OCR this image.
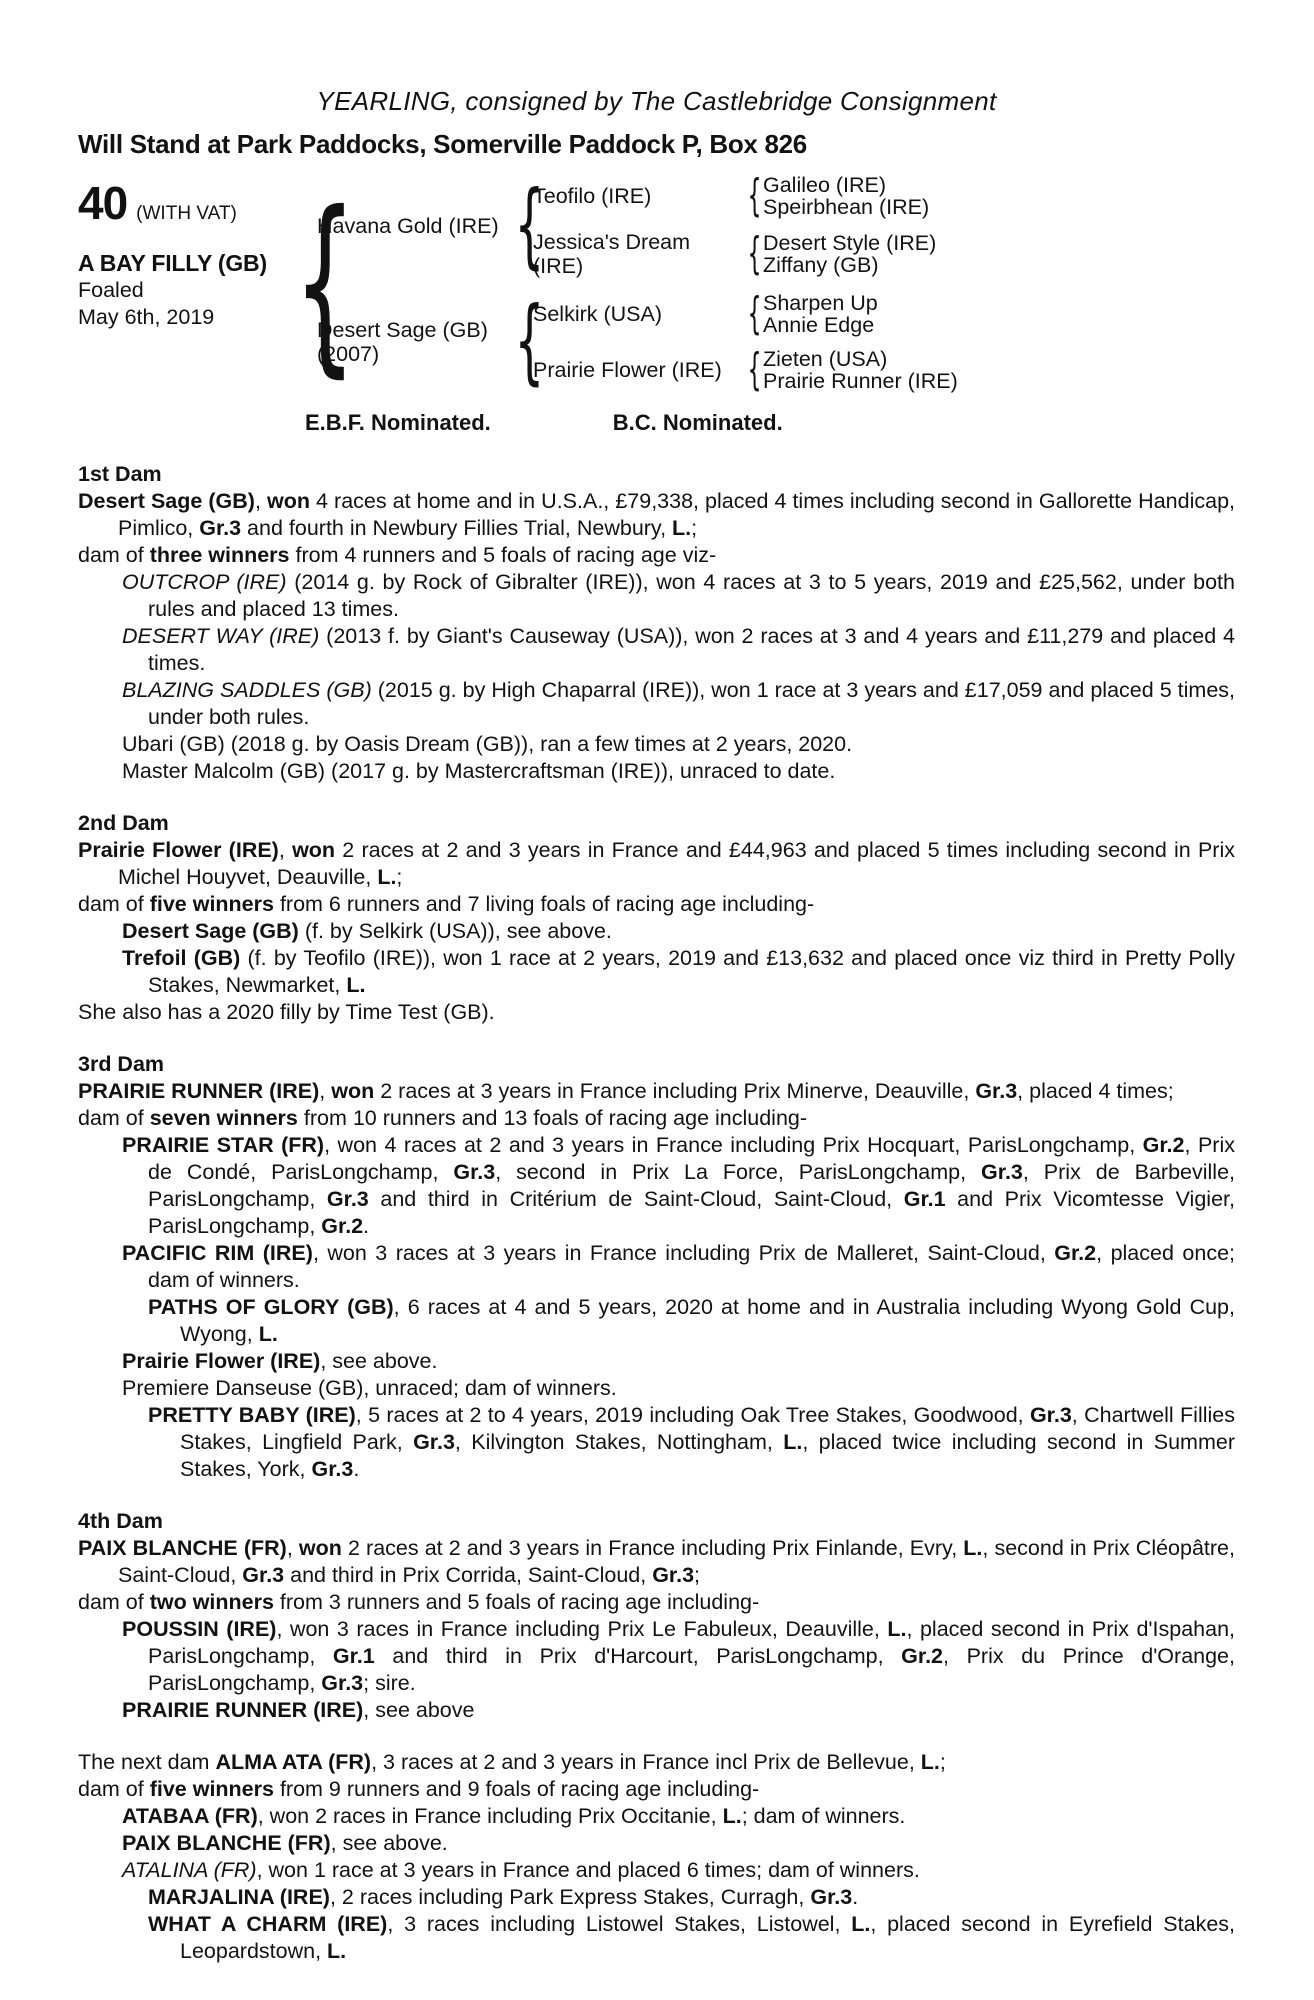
YEARLING, consigned by The Castlebridge Consignment
Will Stand at Park Paddocks, Somerville Paddock P, Box 826
40 (WITH VAT)
A BAY FILLY (GB)
Foaled
May 6th, 2019
{
Havana Gold (IRE)
{
Teofilo (IRE) {	Galileo (IRE)
Speirbhean (IRE)
Jessica's Dream (IRE)
{
Desert Style (IRE)
Ziffany (GB)
Desert Sage (GB)
(2007)
{
Selkirk (USA) {	Sharpen Up
Annie Edge
Prairie Flower (IRE) {	Zieten (USA)
Prairie Runner (IRE)
E.B.F. Nominated.	B.C. Nominated.
1st Dam
Desert Sage (GB), won 4 races at home and in U.S.A., £79,338, placed 4 times including second in Gallorette Handicap, Pimlico, Gr.3 and fourth in Newbury Fillies Trial, Newbury, L.;
dam of three winners from 4 runners and 5 foals of racing age viz-
OUTCROP (IRE) (2014 g. by Rock of Gibralter (IRE)), won 4 races at 3 to 5 years, 2019 and £25,562, under both rules and placed 13 times.
DESERT WAY (IRE) (2013 f. by Giant's Causeway (USA)), won 2 races at 3 and 4 years and £11,279 and placed 4 times.
BLAZING SADDLES (GB) (2015 g. by High Chaparral (IRE)), won 1 race at 3 years and £17,059 and placed 5 times, under both rules.
Ubari (GB) (2018 g. by Oasis Dream (GB)), ran a few times at 2 years, 2020.
Master Malcolm (GB) (2017 g. by Mastercraftsman (IRE)), unraced to date.
2nd Dam
Prairie Flower (IRE), won 2 races at 2 and 3 years in France and £44,963 and placed 5 times including second in Prix Michel Houyvet, Deauville, L.;
dam of five winners from 6 runners and 7 living foals of racing age including-
Desert Sage (GB) (f. by Selkirk (USA)), see above.
Trefoil (GB) (f. by Teofilo (IRE)), won 1 race at 2 years, 2019 and £13,632 and placed once viz third in Pretty Polly Stakes, Newmarket, L.
She also has a 2020 filly by Time Test (GB).
3rd Dam
PRAIRIE RUNNER (IRE), won 2 races at 3 years in France including Prix Minerve, Deauville, Gr.3, placed 4 times;
dam of seven winners from 10 runners and 13 foals of racing age including-
PRAIRIE STAR (FR), won 4 races at 2 and 3 years in France including Prix Hocquart, ParisLongchamp, Gr.2, Prix de Condé, ParisLongchamp, Gr.3, second in Prix La Force, ParisLongchamp, Gr.3, Prix de Barbeville, ParisLongchamp, Gr.3 and third in Critérium de Saint-Cloud, Saint-Cloud, Gr.1 and Prix Vicomtesse Vigier, ParisLongchamp, Gr.2.
PACIFIC RIM (IRE), won 3 races at 3 years in France including Prix de Malleret, Saint-Cloud, Gr.2, placed once; dam of winners.
PATHS OF GLORY (GB), 6 races at 4 and 5 years, 2020 at home and in Australia including Wyong Gold Cup, Wyong, L.
Prairie Flower (IRE), see above.
Premiere Danseuse (GB), unraced; dam of winners.
PRETTY BABY (IRE), 5 races at 2 to 4 years, 2019 including Oak Tree Stakes, Goodwood, Gr.3, Chartwell Fillies Stakes, Lingfield Park, Gr.3, Kilvington Stakes, Nottingham, L., placed twice including second in Summer Stakes, York, Gr.3.
4th Dam
PAIX BLANCHE (FR), won 2 races at 2 and 3 years in France including Prix Finlande, Evry, L., second in Prix Cléopâtre, Saint-Cloud, Gr.3 and third in Prix Corrida, Saint-Cloud, Gr.3;
dam of two winners from 3 runners and 5 foals of racing age including-
POUSSIN (IRE), won 3 races in France including Prix Le Fabuleux, Deauville, L., placed second in Prix d'Ispahan, ParisLongchamp, Gr.1 and third in Prix d'Harcourt, ParisLongchamp, Gr.2, Prix du Prince d'Orange, ParisLongchamp, Gr.3; sire.
PRAIRIE RUNNER (IRE), see above
The next dam ALMA ATA (FR), 3 races at 2 and 3 years in France incl Prix de Bellevue, L.;
dam of five winners from 9 runners and 9 foals of racing age including-
ATABAA (FR), won 2 races in France including Prix Occitanie, L.; dam of winners.
PAIX BLANCHE (FR), see above.
ATALINA (FR), won 1 race at 3 years in France and placed 6 times; dam of winners.
MARJALINA (IRE), 2 races including Park Express Stakes, Curragh, Gr.3.
WHAT A CHARM (IRE), 3 races including Listowel Stakes, Listowel, L., placed second in Eyrefield Stakes, Leopardstown, L.
